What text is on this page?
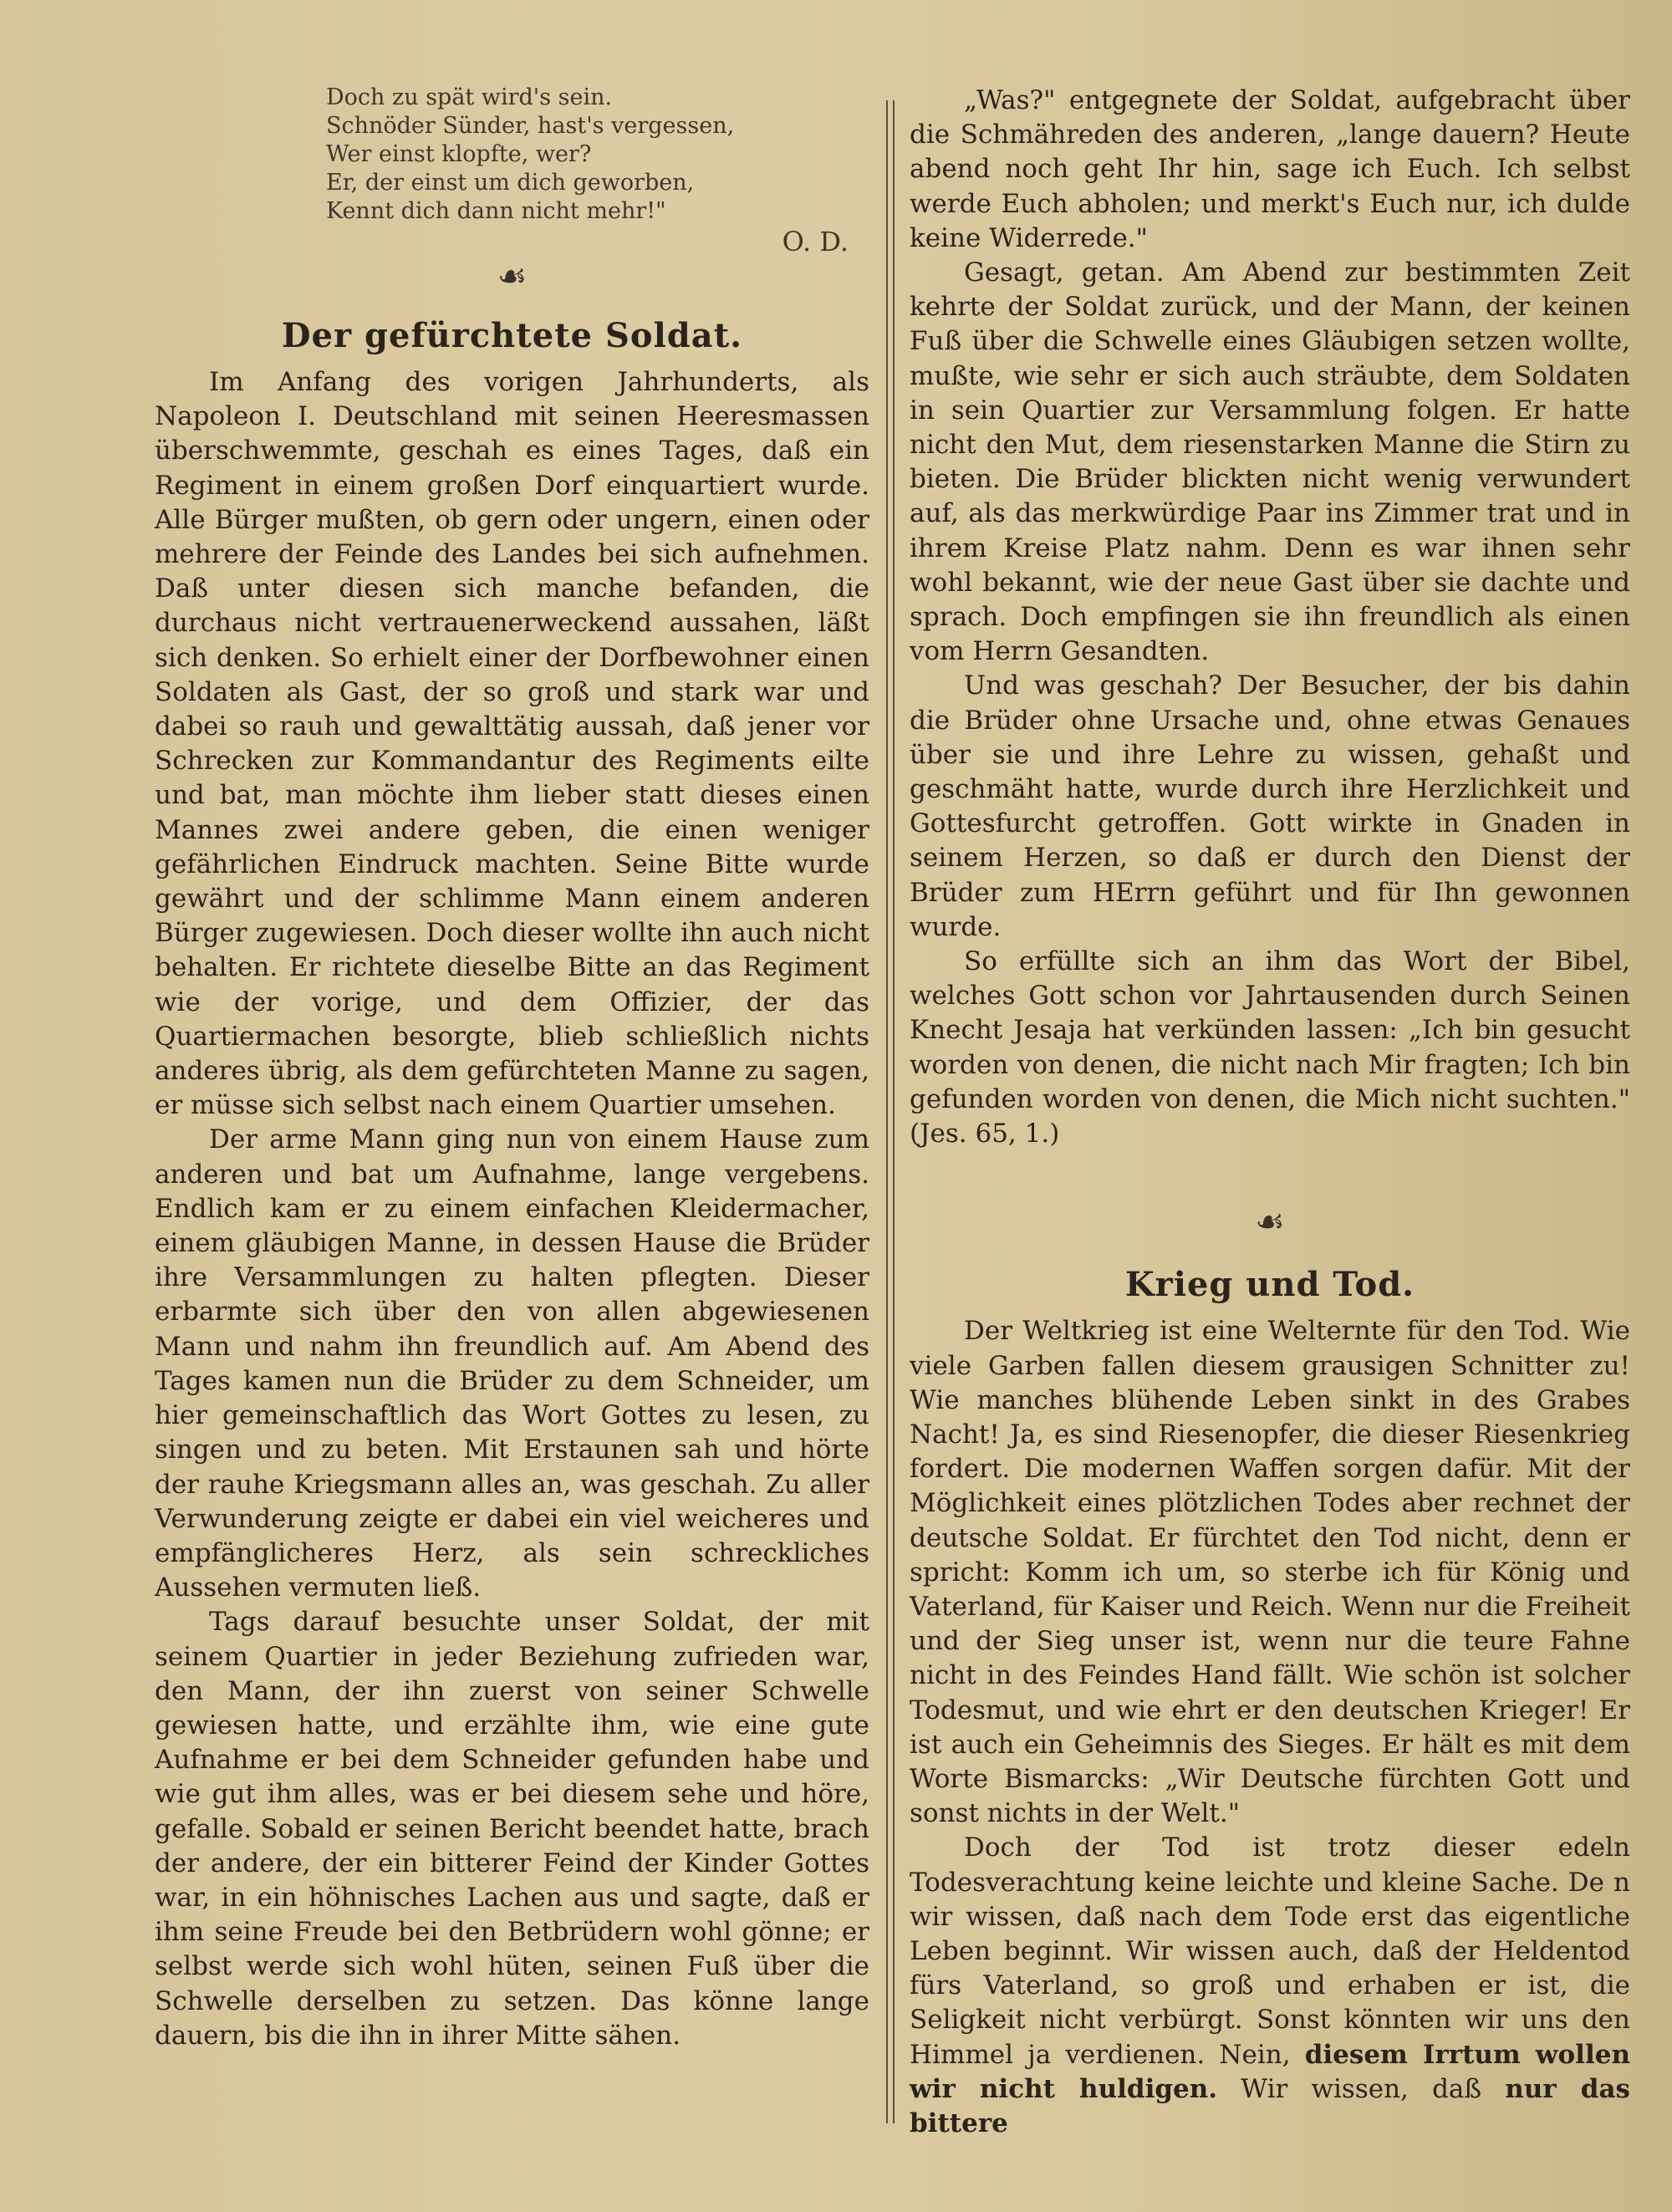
Doch zu spät wird's sein.
Schnöder Sünder, hast's vergessen,
Wer einst klopfte, wer?
Er, der einst um dich geworben,
Kennt dich dann nicht mehr!"
O. D.
☙
Der gefürchtete Soldat.

Im Anfang des vorigen Jahrhunderts, als Napoleon I. Deutschland mit seinen Heeresmassen überschwemmte, geschah es eines Tages, daß ein Regiment in einem großen Dorf einquartiert wurde. Alle Bürger mußten, ob gern oder ungern, einen oder mehrere der Feinde des Landes bei sich aufnehmen. Daß unter diesen sich manche befanden, die durchaus nicht vertrauenerweckend aussahen, läßt sich denken. So erhielt einer der Dorfbewohner einen Soldaten als Gast, der so groß und stark war und dabei so rauh und gewalttätig aussah, daß jener vor Schrecken zur Kommandantur des Regiments eilte und bat, man möchte ihm lieber statt dieses einen Mannes zwei andere geben, die einen weniger gefährlichen Eindruck machten. Seine Bitte wurde gewährt und der schlimme Mann einem anderen Bürger zugewiesen. Doch dieser wollte ihn auch nicht behalten. Er richtete dieselbe Bitte an das Regiment wie der vorige, und dem Offizier, der das Quartiermachen besorgte, blieb schließlich nichts anderes übrig, als dem gefürchteten Manne zu sagen, er müsse sich selbst nach einem Quartier umsehen.

Der arme Mann ging nun von einem Hause zum anderen und bat um Aufnahme, lange vergebens. Endlich kam er zu einem einfachen Kleidermacher, einem gläubigen Manne, in dessen Hause die Brüder ihre Versammlungen zu halten pflegten. Dieser erbarmte sich über den von allen abgewiesenen Mann und nahm ihn freundlich auf. Am Abend des Tages kamen nun die Brüder zu dem Schneider, um hier gemeinschaftlich das Wort Gottes zu lesen, zu singen und zu beten. Mit Erstaunen sah und hörte der rauhe Kriegsmann alles an, was geschah. Zu aller Verwunderung zeigte er dabei ein viel weicheres und empfänglicheres Herz, als sein schreckliches Aussehen vermuten ließ.

Tags darauf besuchte unser Soldat, der mit seinem Quartier in jeder Beziehung zufrieden war, den Mann, der ihn zuerst von seiner Schwelle gewiesen hatte, und erzählte ihm, wie eine gute Aufnahme er bei dem Schneider gefunden habe und wie gut ihm alles, was er bei diesem sehe und höre, gefalle. Sobald er seinen Bericht beendet hatte, brach der andere, der ein bitterer Feind der Kinder Gottes war, in ein höhnisches Lachen aus und sagte, daß er ihm seine Freude bei den Betbrüdern wohl gönne; er selbst werde sich wohl hüten, seinen Fuß über die Schwelle derselben zu setzen. Das könne lange dauern, bis die ihn in ihrer Mitte sähen.

„Was?" entgegnete der Soldat, aufgebracht über die Schmähreden des anderen, „lange dauern? Heute abend noch geht Ihr hin, sage ich Euch. Ich selbst werde Euch abholen; und merkt's Euch nur, ich dulde keine Widerrede."

Gesagt, getan. Am Abend zur bestimmten Zeit kehrte der Soldat zurück, und der Mann, der keinen Fuß über die Schwelle eines Gläubigen setzen wollte, mußte, wie sehr er sich auch sträubte, dem Soldaten in sein Quartier zur Versammlung folgen. Er hatte nicht den Mut, dem riesenstarken Manne die Stirn zu bieten. Die Brüder blickten nicht wenig verwundert auf, als das merkwürdige Paar ins Zimmer trat und in ihrem Kreise Platz nahm. Denn es war ihnen sehr wohl bekannt, wie der neue Gast über sie dachte und sprach. Doch empfingen sie ihn freundlich als einen vom Herrn Gesandten.

Und was geschah? Der Besucher, der bis dahin die Brüder ohne Ursache und, ohne etwas Genaues über sie und ihre Lehre zu wissen, gehaßt und geschmäht hatte, wurde durch ihre Herzlichkeit und Gottesfurcht getroffen. Gott wirkte in Gnaden in seinem Herzen, so daß er durch den Dienst der Brüder zum HErrn geführt und für Ihn gewonnen wurde.

So erfüllte sich an ihm das Wort der Bibel, welches Gott schon vor Jahrtausenden durch Seinen Knecht Jesaja hat verkünden lassen: „Ich bin gesucht worden von denen, die nicht nach Mir fragten; Ich bin gefunden worden von denen, die Mich nicht suchten." (Jes. 65, 1.)

☙
Krieg und Tod.

Der Weltkrieg ist eine Welternte für den Tod. Wie viele Garben fallen diesem grausigen Schnitter zu! Wie manches blühende Leben sinkt in des Grabes Nacht! Ja, es sind Riesenopfer, die dieser Riesenkrieg fordert. Die modernen Waffen sorgen dafür. Mit der Möglichkeit eines plötzlichen Todes aber rechnet der deutsche Soldat. Er fürchtet den Tod nicht, denn er spricht: Komm ich um, so sterbe ich für König und Vaterland, für Kaiser und Reich. Wenn nur die Freiheit und der Sieg unser ist, wenn nur die teure Fahne nicht in des Feindes Hand fällt. Wie schön ist solcher Todesmut, und wie ehrt er den deutschen Krieger! Er ist auch ein Geheimnis des Sieges. Er hält es mit dem Worte Bismarcks: „Wir Deutsche fürchten Gott und sonst nichts in der Welt."

Doch der Tod ist trotz dieser edeln Todesverachtung keine leichte und kleine Sache. De n wir wissen, daß nach dem Tode erst das eigentliche Leben beginnt. Wir wissen auch, daß der Heldentod fürs Vaterland, so groß und erhaben er ist, die Seligkeit nicht verbürgt. Sonst könnten wir uns den Himmel ja verdienen. Nein, diesem Irrtum wollen wir nicht huldigen. Wir wissen, daß nur das bittere
